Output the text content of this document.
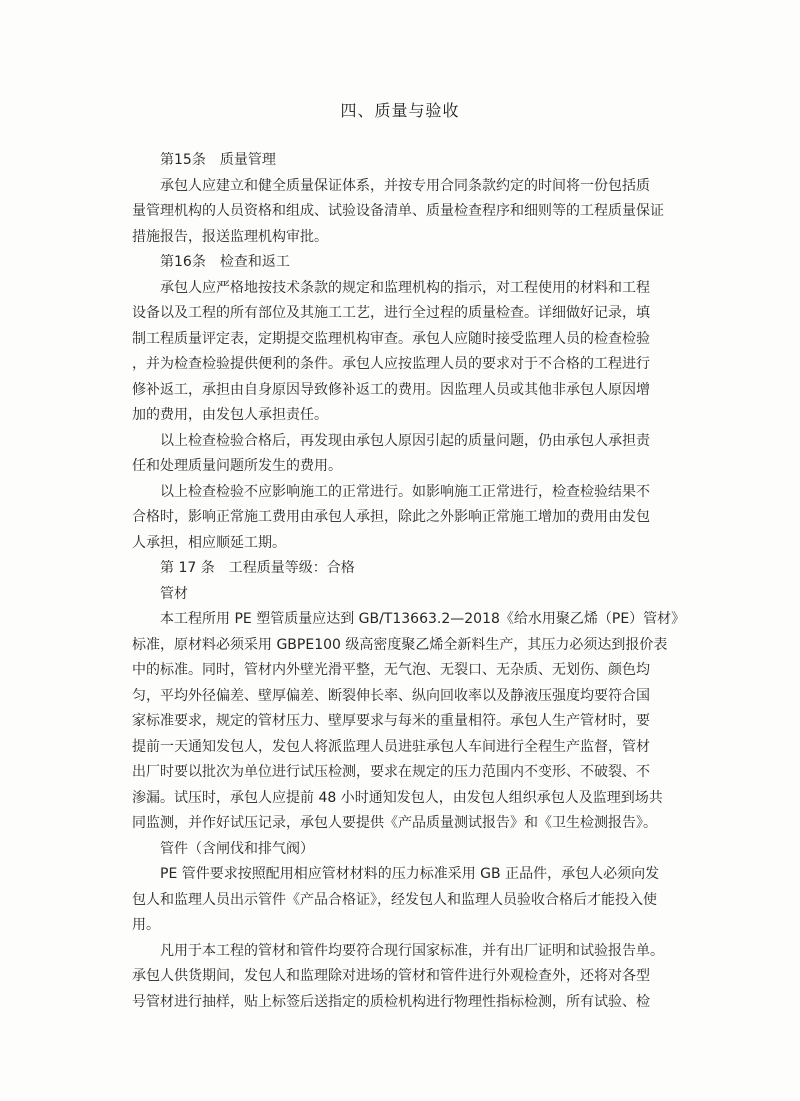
四、质量与验收
第15条　质量管理
承包人应建立和健全质量保证体系，并按专用合同条款约定的时间将一份包括质
量管理机构的人员资格和组成、试验设备清单、质量检查程序和细则等的工程质量保证
措施报告，报送监理机构审批。
第16条　检查和返工
承包人应严格地按技术条款的规定和监理机构的指示，对工程使用的材料和工程
设备以及工程的所有部位及其施工工艺，进行全过程的质量检查。详细做好记录，填
制工程质量评定表，定期提交监理机构审查。承包人应随时接受监理人员的检查检验
，并为检查检验提供便利的条件。承包人应按监理人员的要求对于不合格的工程进行
修补返工，承担由自身原因导致修补返工的费用。因监理人员或其他非承包人原因增
加的费用，由发包人承担责任。
以上检查检验合格后，再发现由承包人原因引起的质量问题，仍由承包人承担责
任和处理质量问题所发生的费用。
以上检查检验不应影响施工的正常进行。如影响施工正常进行，检查检验结果不
合格时，影响正常施工费用由承包人承担，除此之外影响正常施工增加的费用由发包
人承担，相应顺延工期。
第 17 条　工程质量等级：合格
管材
本工程所用 PE 塑管质量应达到 GB/T13663.2—2018《给水用聚乙烯（PE）管材》
标准，原材料必须采用 GBPE100 级高密度聚乙烯全新料生产，其压力必须达到报价表
中的标准。同时，管材内外壁光滑平整，无气泡、无裂口、无杂质、无划伤、颜色均
匀，平均外径偏差、壁厚偏差、断裂伸长率、纵向回收率以及静液压强度均要符合国
家标准要求，规定的管材压力、壁厚要求与每米的重量相符。承包人生产管材时，要
提前一天通知发包人，发包人将派监理人员进驻承包人车间进行全程生产监督，管材
出厂时要以批次为单位进行试压检测，要求在规定的压力范围内不变形、不破裂、不
渗漏。试压时，承包人应提前 48 小时通知发包人，由发包人组织承包人及监理到场共
同监测，并作好试压记录，承包人要提供《产品质量测试报告》和《卫生检测报告》。
管件（含闸伐和排气阀）
PE 管件要求按照配用相应管材材料的压力标准采用 GB 正品件，承包人必须向发
包人和监理人员出示管件《产品合格证》，经发包人和监理人员验收合格后才能投入使
用。
凡用于本工程的管材和管件均要符合现行国家标准，并有出厂证明和试验报告单。
承包人供货期间，发包人和监理除对进场的管材和管件进行外观检查外，还将对各型
号管材进行抽样，贴上标签后送指定的质检机构进行物理性指标检测，所有试验、检
